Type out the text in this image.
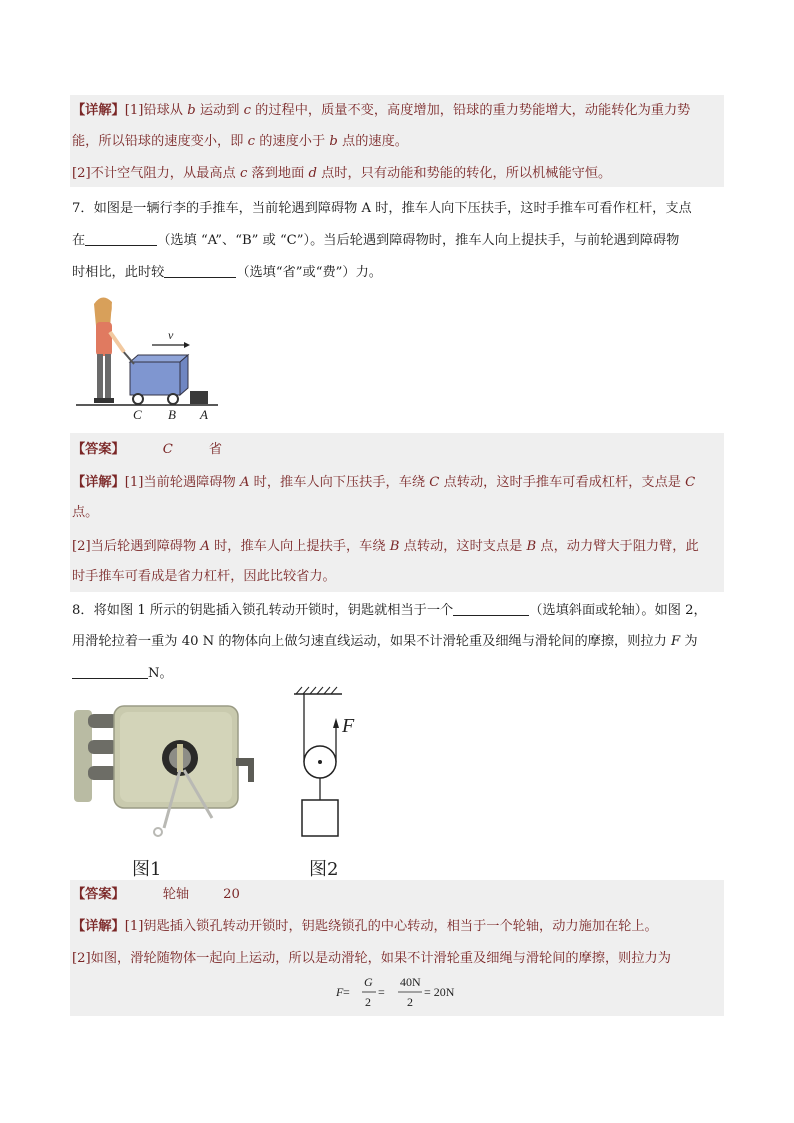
【详解】[1]铅球从 b 运动到 c 的过程中，质量不变，高度增加，铅球的重力势能增大，动能转化为重力势
能，所以铅球的速度变小，即 c 的速度小于 b 点的速度。
[2]不计空气阻力，从最高点 c 落到地面 d 点时，只有动能和势能的转化，所以机械能守恒。
7．如图是一辆行李的手推车，当前轮遇到障碍物 A 时，推车人向下压扶手，这时手推车可看作杠杆，支点
在	（选填 “A”、“B” 或 “C”）。当后轮遇到障碍物时，推车人向上提扶手，与前轮遇到障碍物
时相比，此时较	（选填“省”或“费”）力。
v
C B A
【答案】	C	省
【详解】[1]当前轮遇障碍物 A 时，推车人向下压扶手，车绕 C 点转动，这时手推车可看成杠杆，支点是 C
点。
[2]当后轮遇到障碍物 A 时，推车人向上提扶手，车绕 B 点转动，这时支点是 B 点，动力臂大于阻力臂，此
时手推车可看成是省力杠杆，因此比较省力。
8．将如图 1 所示的钥匙插入锁孔转动开锁时，钥匙就相当于一个	（选填斜面或轮轴）。如图 2，
用滑轮拉着一重为 40 N 的物体向上做匀速直线运动，如果不计滑轮重及细绳与滑轮间的摩擦，则拉力 F 为
N。
图1
F
图2
【答案】	轮轴	20
【详解】[1]钥匙插入锁孔转动开锁时，钥匙绕锁孔的中心转动，相当于一个轮轴，动力施加在轮上。
[2]如图，滑轮随物体一起向上运动，所以是动滑轮，如果不计滑轮重及细绳与滑轮间的摩擦，则拉力为
F =
G
2
=
40N
2
= 20N
